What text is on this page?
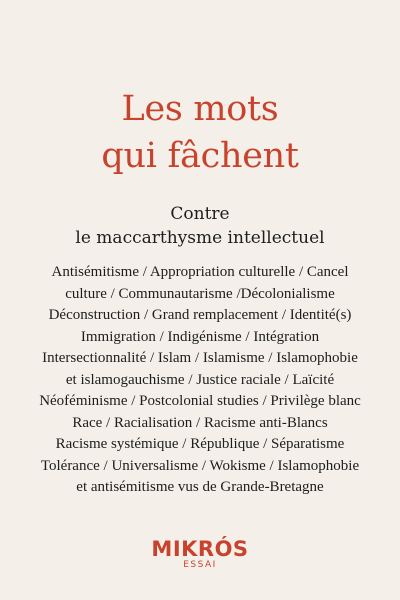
Les mots
qui fâchent
Contre
le maccarthysme intellectuel
Antisémitisme / Appropriation culturelle / Cancel
culture / Communautarisme /Décolonialisme
Déconstruction / Grand remplacement / Identité(s)
Immigration / Indigénisme / Intégration
Intersectionnalité / Islam / Islamisme / Islamophobie
et islamogauchisme / Justice raciale / Laïcité
Néoféminisme / Postcolonial studies / Privilège blanc
Race / Racialisation / Racisme anti-Blancs
Racisme systémique / République / Séparatisme
Tolérance / Universalisme / Wokisme / Islamophobie
et antisémitisme vus de Grande-Bretagne
MIKRÓS
ESSAI
